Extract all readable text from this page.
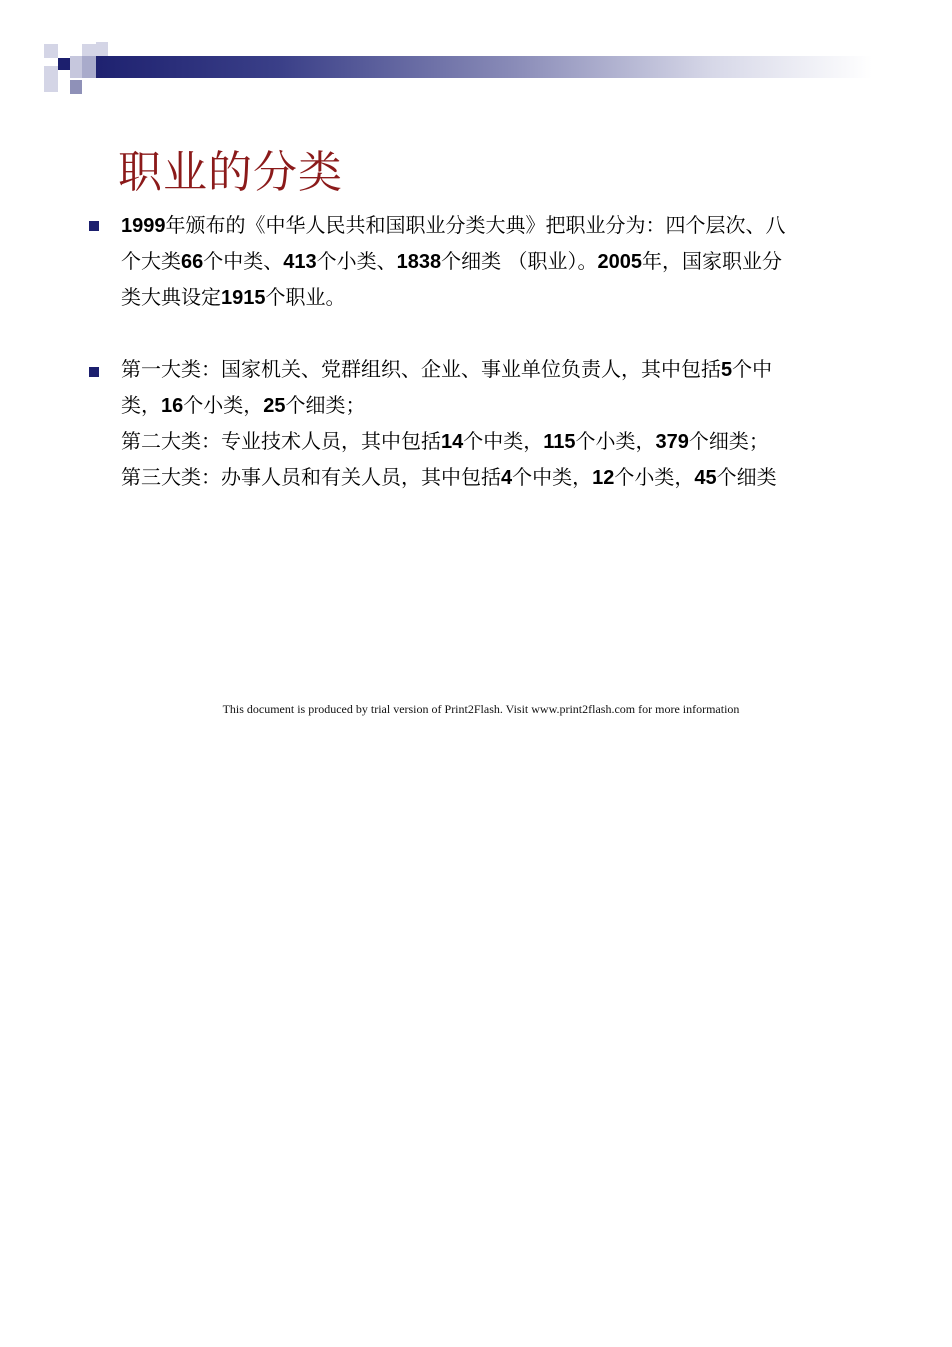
职业的分类
1999年颁布的《中华人民共和国职业分类大典》把职业分为：四个层次、八
个大类66个中类、413个小类、1838个细类 （职业）。2005年，国家职业分
类大典设定1915个职业。
第一大类：国家机关、党群组织、企业、事业单位负责人，其中包括5个中
类，16个小类，25个细类；
第二大类：专业技术人员，其中包括14个中类，115个小类，379个细类；
第三大类：办事人员和有关人员，其中包括4个中类，12个小类，45个细类
This document is produced by trial version of Print2Flash. Visit www.print2flash.com for more information
